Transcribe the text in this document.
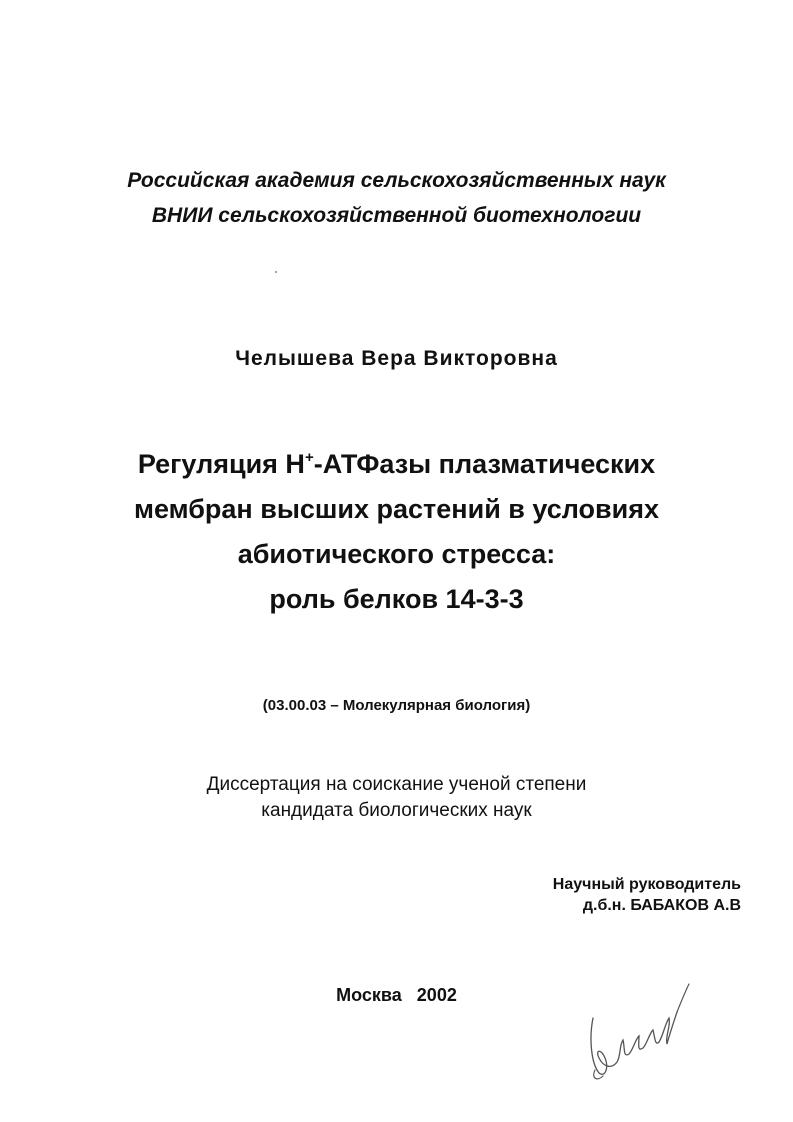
Российская академия сельскохозяйственных наук
ВНИИ сельскохозяйственной биотехнологии
Челышева Вера Викторовна
Регуляция Н+-АТФазы плазматических
мембран высших растений в условиях
абиотического стресса:
роль белков 14-3-3
(03.00.03 – Молекулярная биология)
Диссертация на соискание ученой степени
кандидата биологических наук
Научный руководитель
д.б.н. БАБАКОВ А.В
Москва 2002
